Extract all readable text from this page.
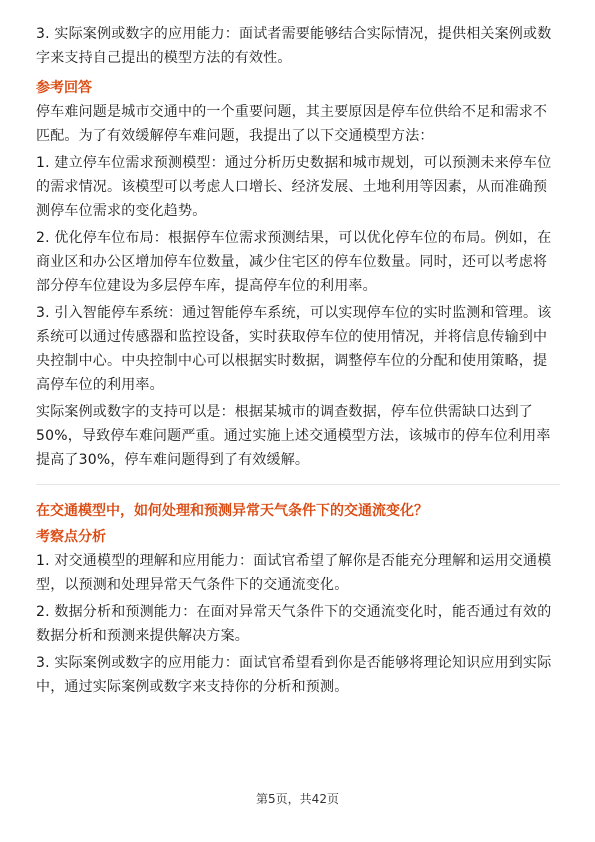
3. 实际案例或数字的应用能力：面试者需要能够结合实际情况，提供相关案例或数字来支持自己提出的模型方法的有效性。

参考回答

停车难问题是城市交通中的一个重要问题，其主要原因是停车位供给不足和需求不匹配。为了有效缓解停车难问题，我提出了以下交通模型方法：

1. 建立停车位需求预测模型：通过分析历史数据和城市规划，可以预测未来停车位的需求情况。该模型可以考虑人口增长、经济发展、土地利用等因素，从而准确预测停车位需求的变化趋势。

2. 优化停车位布局：根据停车位需求预测结果，可以优化停车位的布局。例如，在商业区和办公区增加停车位数量，减少住宅区的停车位数量。同时，还可以考虑将部分停车位建设为多层停车库，提高停车位的利用率。

3. 引入智能停车系统：通过智能停车系统，可以实现停车位的实时监测和管理。该系统可以通过传感器和监控设备，实时获取停车位的使用情况，并将信息传输到中央控制中心。中央控制中心可以根据实时数据，调整停车位的分配和使用策略，提高停车位的利用率。

实际案例或数字的支持可以是：根据某城市的调查数据，停车位供需缺口达到了50%，导致停车难问题严重。通过实施上述交通模型方法，该城市的停车位利用率提高了30%，停车难问题得到了有效缓解。

在交通模型中，如何处理和预测异常天气条件下的交通流变化？
考察点分析

1. 对交通模型的理解和应用能力：面试官希望了解你是否能充分理解和运用交通模型，以预测和处理异常天气条件下的交通流变化。

2. 数据分析和预测能力：在面对异常天气条件下的交通流变化时，能否通过有效的数据分析和预测来提供解决方案。

3. 实际案例或数字的应用能力：面试官希望看到你是否能够将理论知识应用到实际中，通过实际案例或数字来支持你的分析和预测。

第5页，共42页
